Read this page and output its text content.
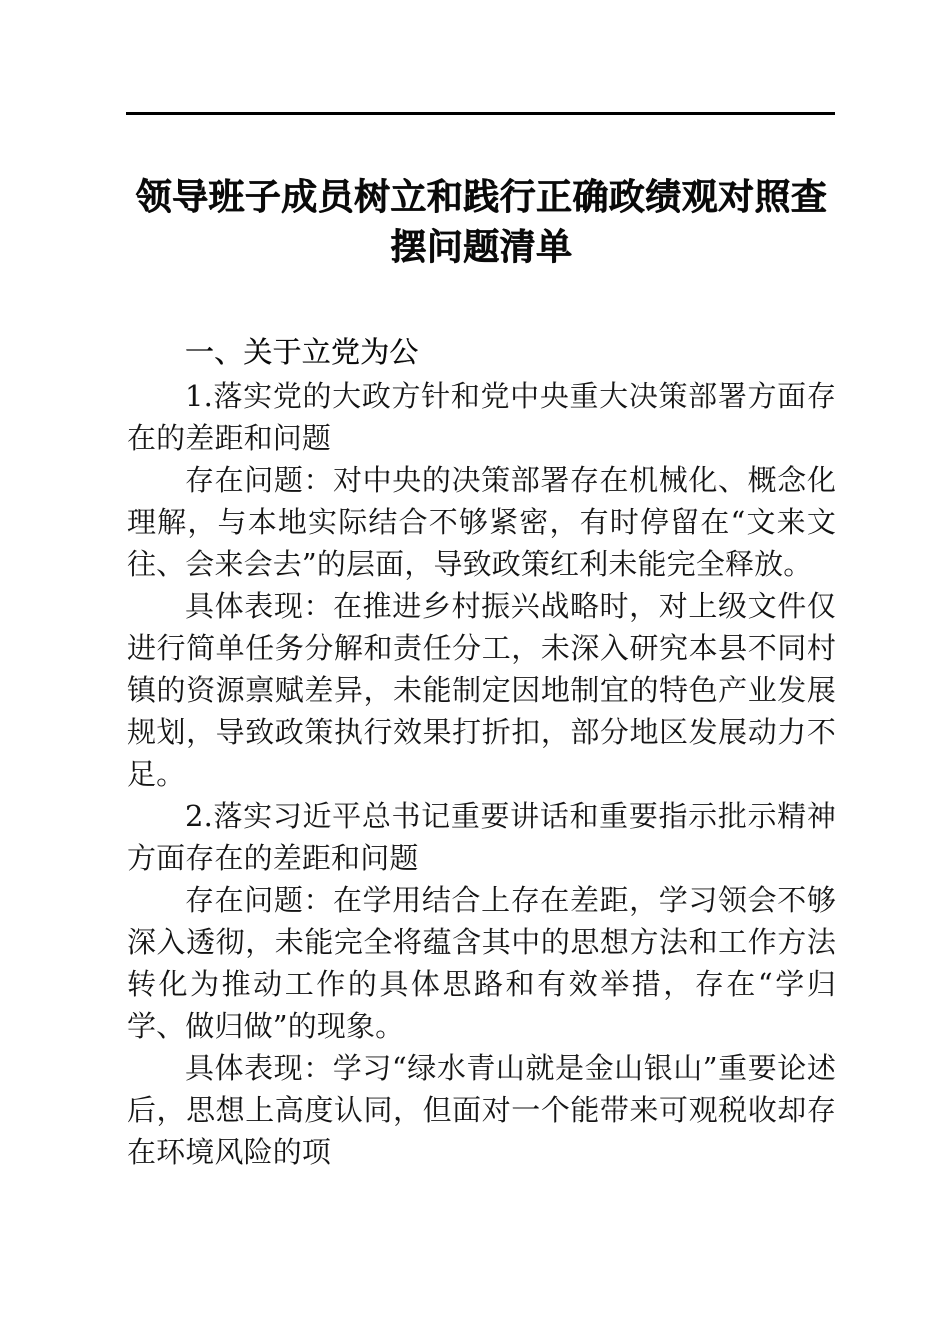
领导班子成员树立和践行正确政绩观对照查摆问题清单
一、关于立党为公

1.落实党的大政方针和党中央重大决策部署方面存在的差距和问题

存在问题：对中央的决策部署存在机械化、概念化理解，与本地实际结合不够紧密，有时停留在“文来文往、会来会去”的层面，导致政策红利未能完全释放。

具体表现：在推进乡村振兴战略时，对上级文件仅进行简单任务分解和责任分工，未深入研究本县不同村镇的资源禀赋差异，未能制定因地制宜的特色产业发展规划，导致政策执行效果打折扣，部分地区发展动力不足。

2.落实习近平总书记重要讲话和重要指示批示精神方面存在的差距和问题

存在问题：在学用结合上存在差距，学习领会不够深入透彻，未能完全将蕴含其中的思想方法和工作方法转化为推动工作的具体思路和有效举措，存在“学归学、做归做”的现象。

具体表现：学习“绿水青山就是金山银山”重要论述后，思想上高度认同，但面对一个能带来可观税收却存在环境风险的项
